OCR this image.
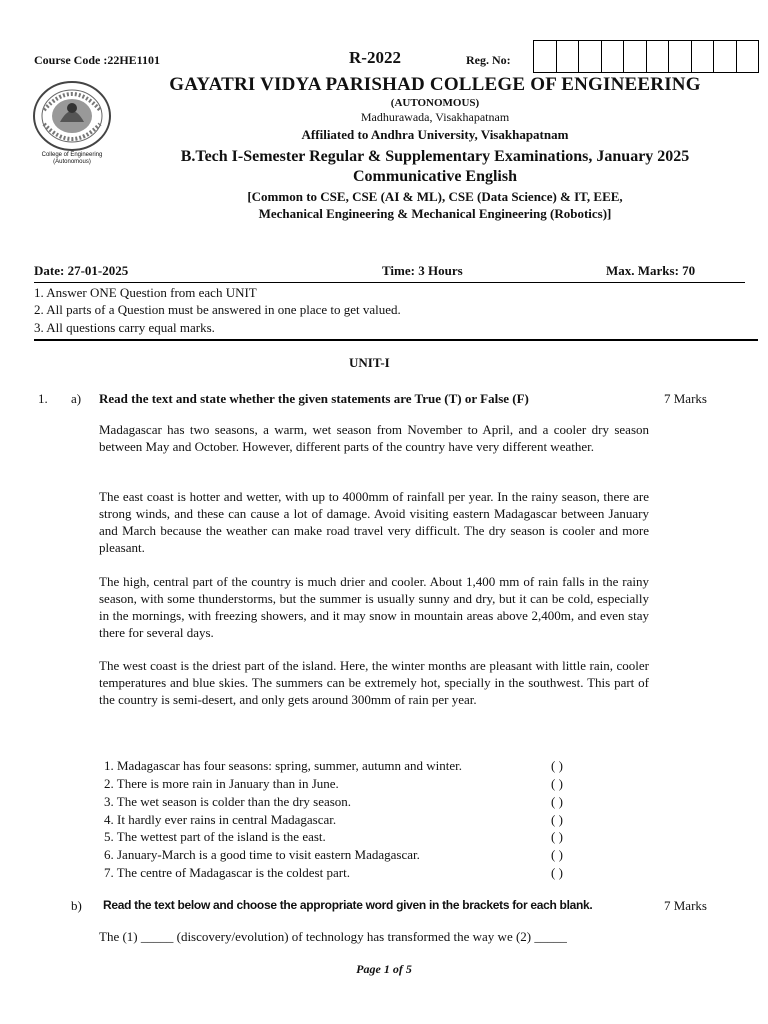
Course Code :22HE1101	R-2022	Reg. No:
College of Engineering
(Autonomous)
GAYATRI VIDYA PARISHAD COLLEGE OF ENGINEERING
(AUTONOMOUS)
Madhurawada, Visakhapatnam
Affiliated to Andhra University, Visakhapatnam
B.Tech I-Semester Regular & Supplementary Examinations, January 2025
Communicative English
[Common to CSE, CSE (AI & ML), CSE (Data Science) & IT, EEE,
Mechanical Engineering & Mechanical Engineering (Robotics)]
Date: 27-01-2025	Time: 3 Hours	Max. Marks: 70
1. Answer ONE Question from each UNIT
2. All parts of a Question must be answered in one place to get valued.
3. All questions carry equal marks.
UNIT-I
1. a) Read the text and state whether the given statements are True (T) or False (F)	7 Marks
Madagascar has two seasons, a warm, wet season from November to April, and a cooler dry season between May and October. However, different parts of the country have very different weather.
The east coast is hotter and wetter, with up to 4000mm of rainfall per year. In the rainy season, there are strong winds, and these can cause a lot of damage. Avoid visiting eastern Madagascar between January and March because the weather can make road travel very difficult. The dry season is cooler and more pleasant.
The high, central part of the country is much drier and cooler. About 1,400 mm of rain falls in the rainy season, with some thunderstorms, but the summer is usually sunny and dry, but it can be cold, especially in the mornings, with freezing showers, and it may snow in mountain areas above 2,400m, and even stay there for several days.
The west coast is the driest part of the island. Here, the winter months are pleasant with little rain, cooler temperatures and blue skies. The summers can be extremely hot, specially in the southwest. This part of the country is semi-desert, and only gets around 300mm of rain per year.
1. Madagascar has four seasons: spring, summer, autumn and winter.	( )
2. There is more rain in January than in June.	( )
3. The wet season is colder than the dry season.	( )
4. It hardly ever rains in central Madagascar.	( )
5. The wettest part of the island is the east.	( )
6. January-March is a good time to visit eastern Madagascar.	( )
7. The centre of Madagascar is the coldest part.	( )
b) Read the text below and choose the appropriate word given in the brackets for each blank.	7 Marks
The (1) _____ (discovery/evolution) of technology has transformed the way we (2) _____
Page 1 of 5
